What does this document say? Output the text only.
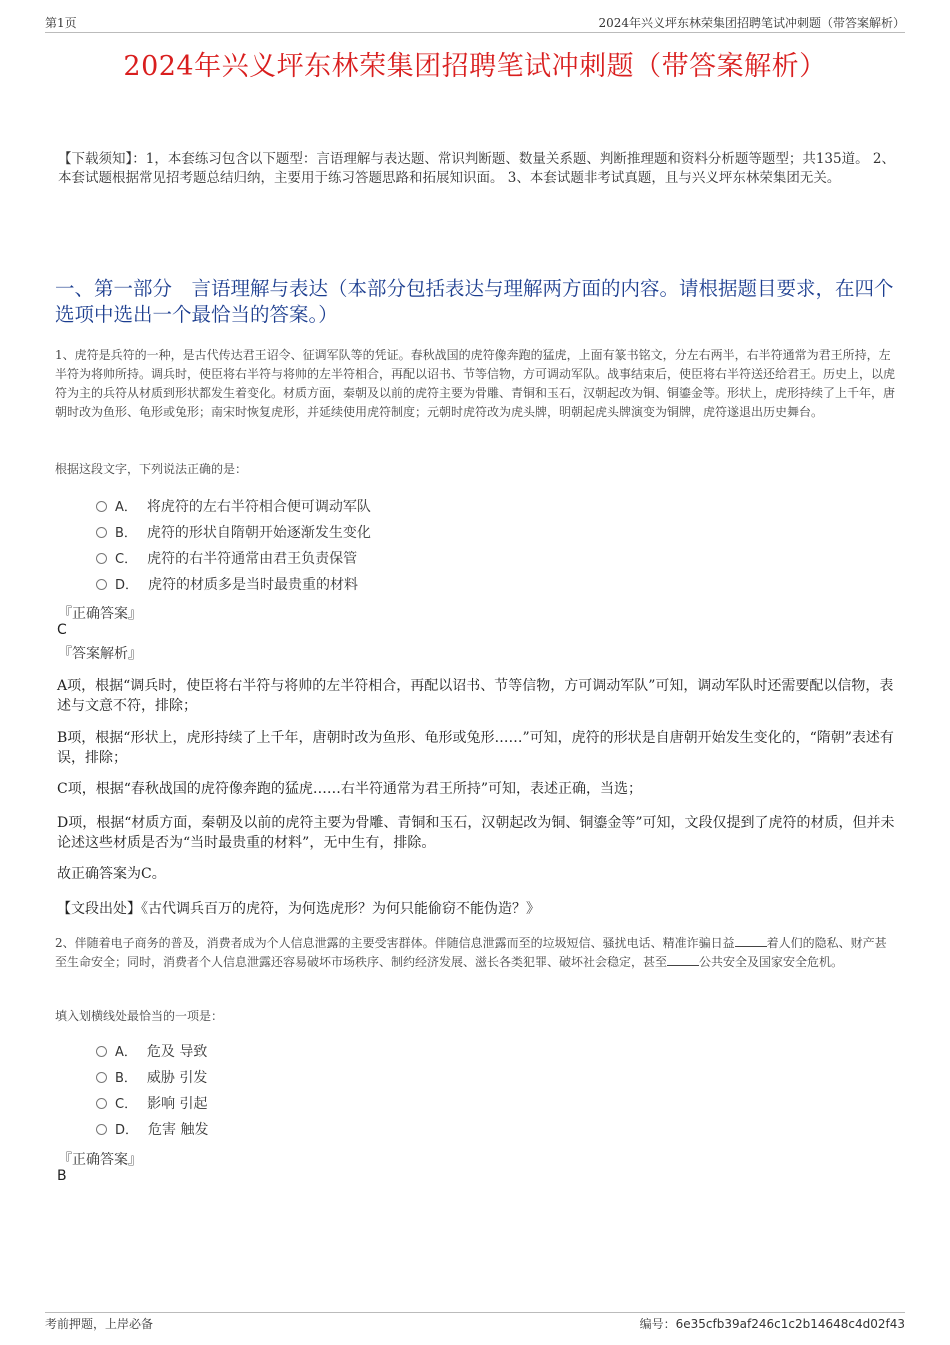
第1页	2024年兴义坪东林荣集团招聘笔试冲刺题（带答案解析）
2024年兴义坪东林荣集团招聘笔试冲刺题（带答案解析）
【下载须知】：1，本套练习包含以下题型：言语理解与表达题、常识判断题、数量关系题、判断推理题和资料分析题等题型；共135道。 2、本套试题根据常见招考题总结归纳，主要用于练习答题思路和拓展知识面。 3、本套试题非考试真题，且与兴义坪东林荣集团无关。
一、第一部分　言语理解与表达（本部分包括表达与理解两方面的内容。请根据题目要求，在四个选项中选出一个最恰当的答案。）
1、虎符是兵符的一种，是古代传达君王诏令、征调军队等的凭证。春秋战国的虎符像奔跑的猛虎，上面有篆书铭文，分左右两半，右半符通常为君王所持，左半符为将帅所持。调兵时，使臣将右半符与将帅的左半符相合，再配以诏书、节等信物，方可调动军队。战事结束后，使臣将右半符送还给君王。历史上，以虎符为主的兵符从材质到形状都发生着变化。材质方面，秦朝及以前的虎符主要为骨雕、青铜和玉石，汉朝起改为铜、铜鎏金等。形状上，虎形持续了上千年，唐朝时改为鱼形、龟形或兔形；南宋时恢复虎形，并延续使用虎符制度；元朝时虎符改为虎头牌，明朝起虎头牌演变为铜牌，虎符遂退出历史舞台。
根据这段文字，下列说法正确的是：
A． 将虎符的左右半符相合便可调动军队
B． 虎符的形状自隋朝开始逐渐发生变化
C． 虎符的右半符通常由君王负责保管
D． 虎符的材质多是当时最贵重的材料
『正确答案』
C
『答案解析』
A项，根据“调兵时，使臣将右半符与将帅的左半符相合，再配以诏书、节等信物，方可调动军队”可知，调动军队时还需要配以信物，表述与文意不符，排除；
B项，根据“形状上，虎形持续了上千年，唐朝时改为鱼形、龟形或兔形……”可知，虎符的形状是自唐朝开始发生变化的，“隋朝”表述有误，排除；
C项，根据“春秋战国的虎符像奔跑的猛虎……右半符通常为君王所持”可知，表述正确，当选；
D项，根据“材质方面，秦朝及以前的虎符主要为骨雕、青铜和玉石，汉朝起改为铜、铜鎏金等”可知，文段仅提到了虎符的材质，但并未论述这些材质是否为“当时最贵重的材料”，无中生有，排除。
故正确答案为C。
【文段出处】《古代调兵百万的虎符，为何选虎形？为何只能偷窃不能伪造？》
2、伴随着电子商务的普及，消费者成为个人信息泄露的主要受害群体。伴随信息泄露而至的垃圾短信、骚扰电话、精准诈骗日益	着人们的隐私、财产甚至生命安全；同时，消费者个人信息泄露还容易破坏市场秩序、制约经济发展、滋长各类犯罪、破坏社会稳定，甚至	公共安全及国家安全危机。
填入划横线处最恰当的一项是：
A． 危及 导致
B． 威胁 引发
C． 影响 引起
D． 危害 触发
『正确答案』
B
考前押题，上岸必备	编号：6e35cfb39af246c1c2b14648c4d02f43
